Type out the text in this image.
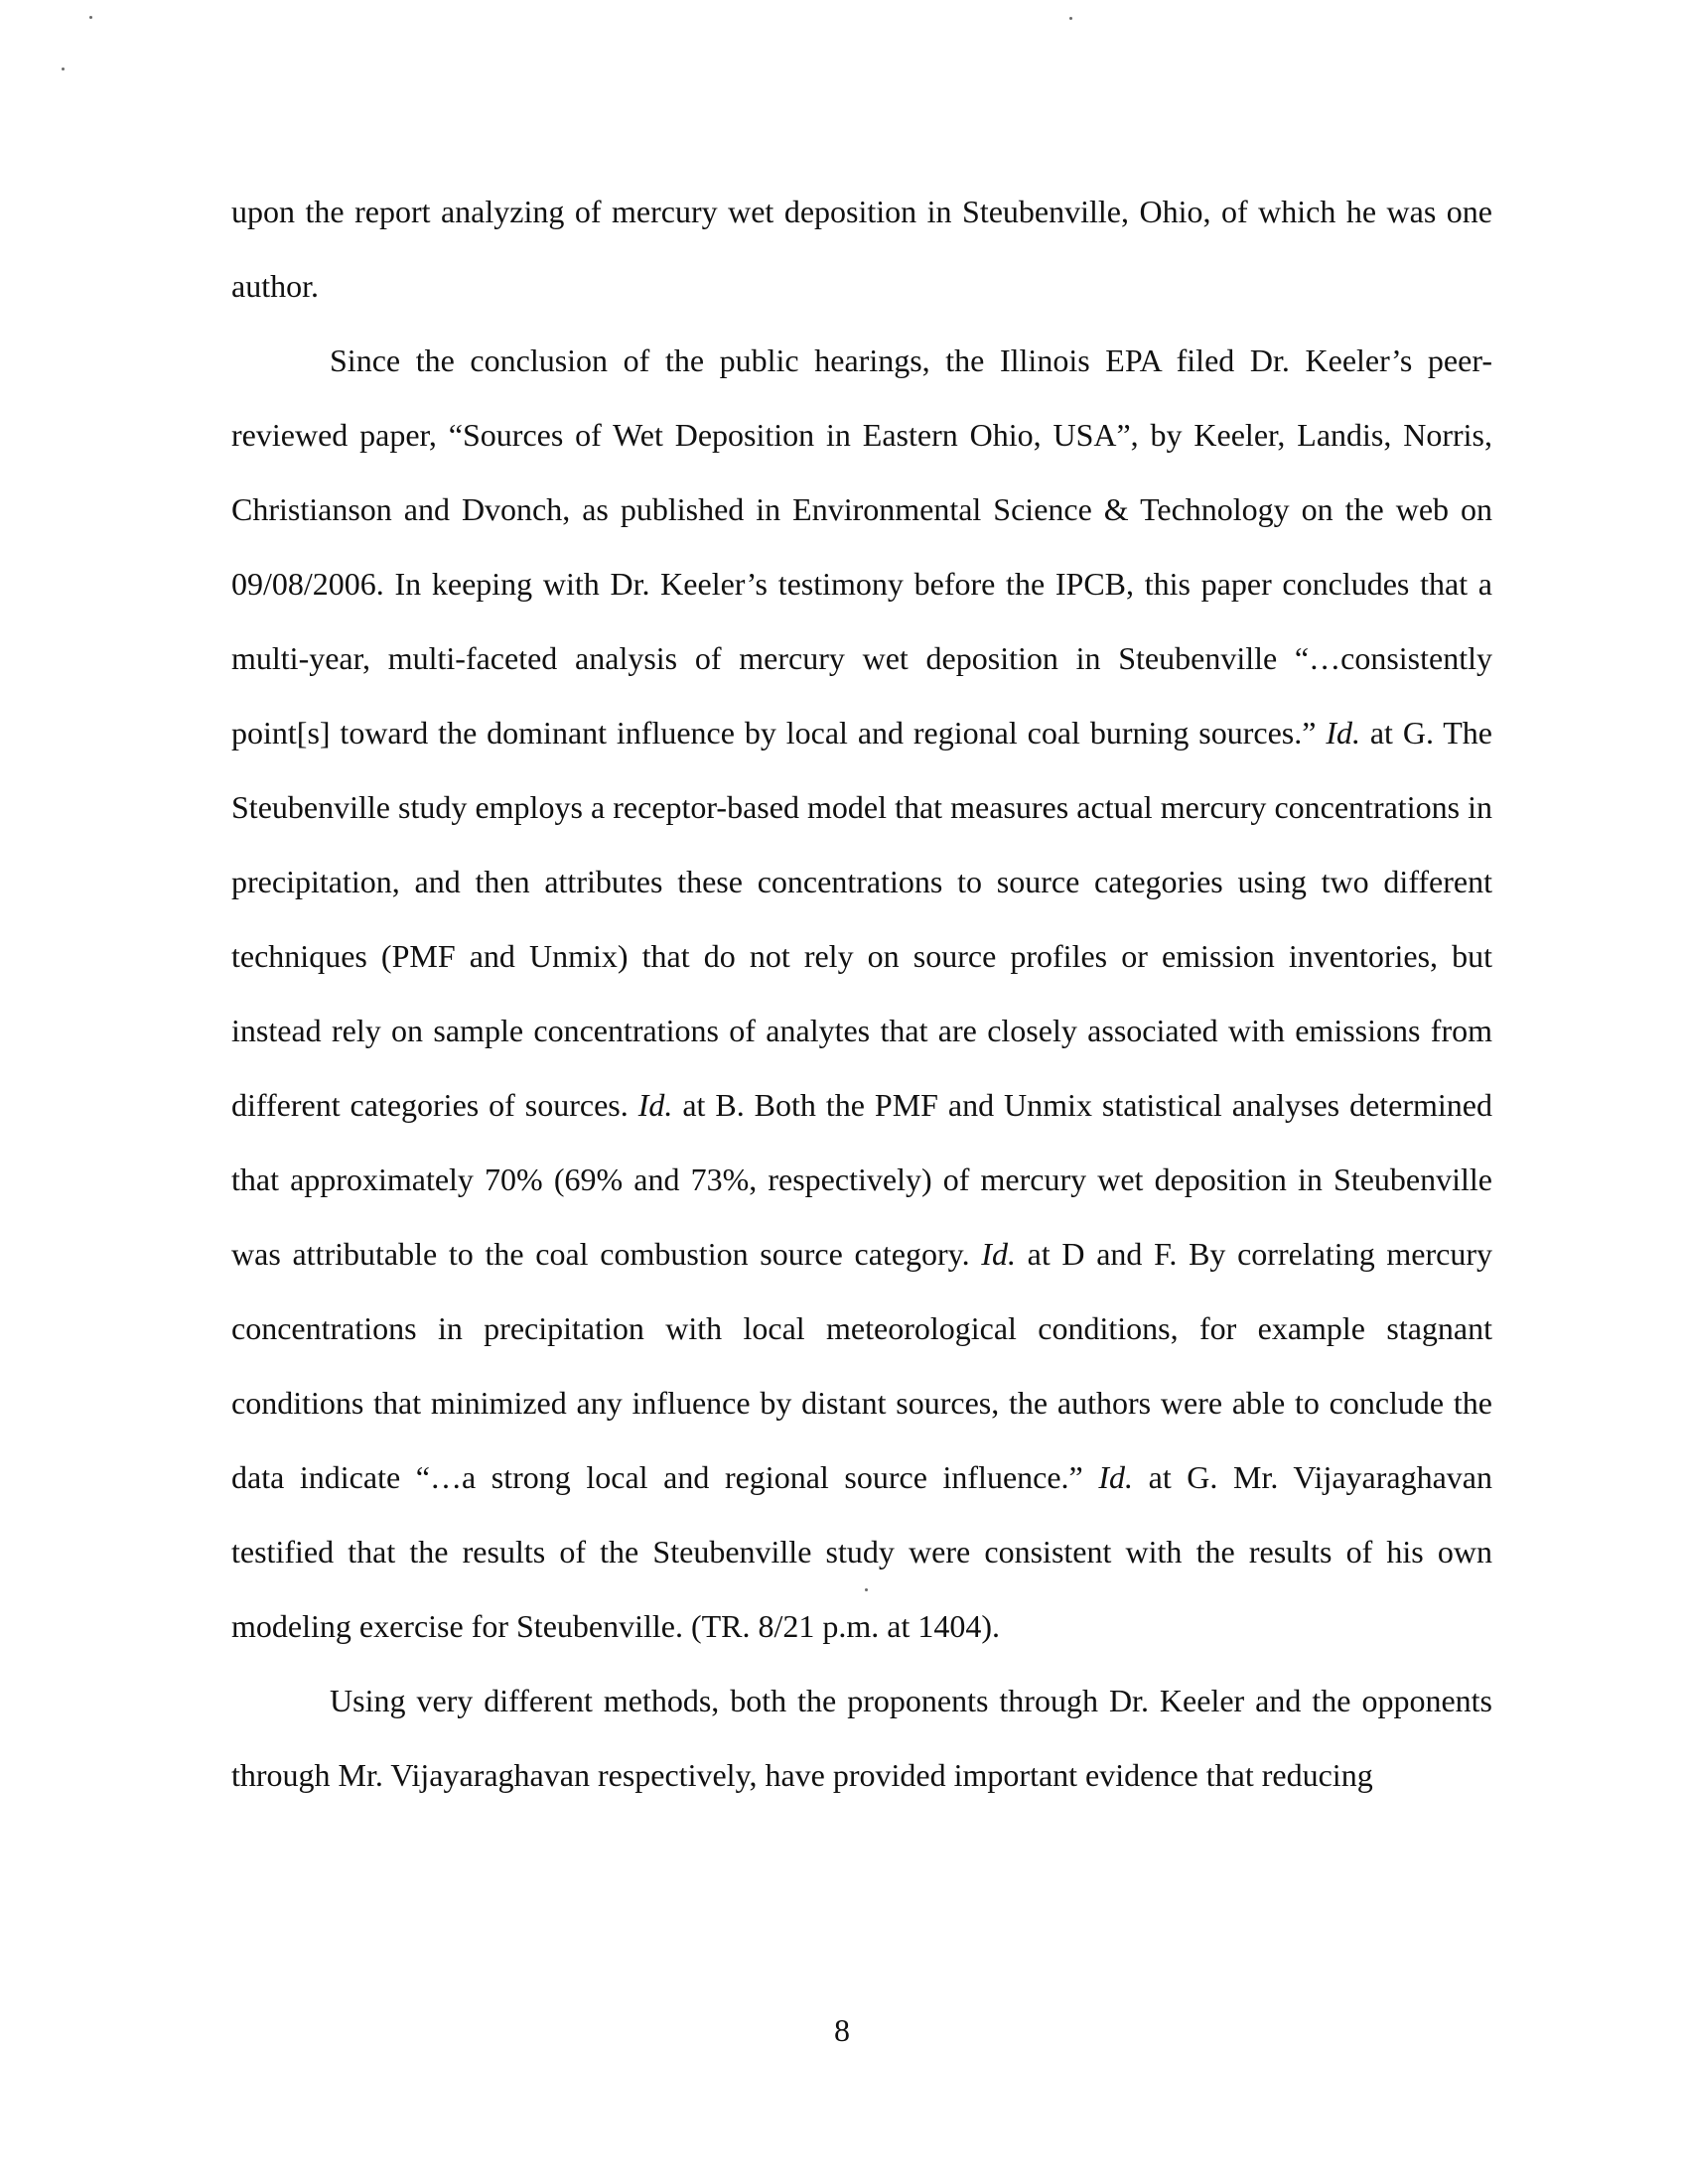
upon the report analyzing of mercury wet deposition in Steubenville, Ohio, of which he was one author.

Since the conclusion of the public hearings, the Illinois EPA filed Dr. Keeler’s peer-reviewed paper, “Sources of Wet Deposition in Eastern Ohio, USA”, by Keeler, Landis, Norris, Christianson and Dvonch, as published in Environmental Science & Technology on the web on 09/08/2006. In keeping with Dr. Keeler’s testimony before the IPCB, this paper concludes that a multi-year, multi-faceted analysis of mercury wet deposition in Steubenville “…consistently point[s] toward the dominant influence by local and regional coal burning sources.” Id. at G. The Steubenville study employs a receptor-based model that measures actual mercury concentrations in precipitation, and then attributes these concentrations to source categories using two different techniques (PMF and Unmix) that do not rely on source profiles or emission inventories, but instead rely on sample concentrations of analytes that are closely associated with emissions from different categories of sources. Id. at B. Both the PMF and Unmix statistical analyses determined that approximately 70% (69% and 73%, respectively) of mercury wet deposition in Steubenville was attributable to the coal combustion source category. Id. at D and F. By correlating mercury concentrations in precipitation with local meteorological conditions, for example stagnant conditions that minimized any influence by distant sources, the authors were able to conclude the data indicate “…a strong local and regional source influence.” Id. at G. Mr. Vijayaraghavan testified that the results of the Steubenville study were consistent with the results of his own modeling exercise for Steubenville. (TR. 8/21 p.m. at 1404).

Using very different methods, both the proponents through Dr. Keeler and the opponents through Mr. Vijayaraghavan respectively, have provided important evidence that reducing

8
